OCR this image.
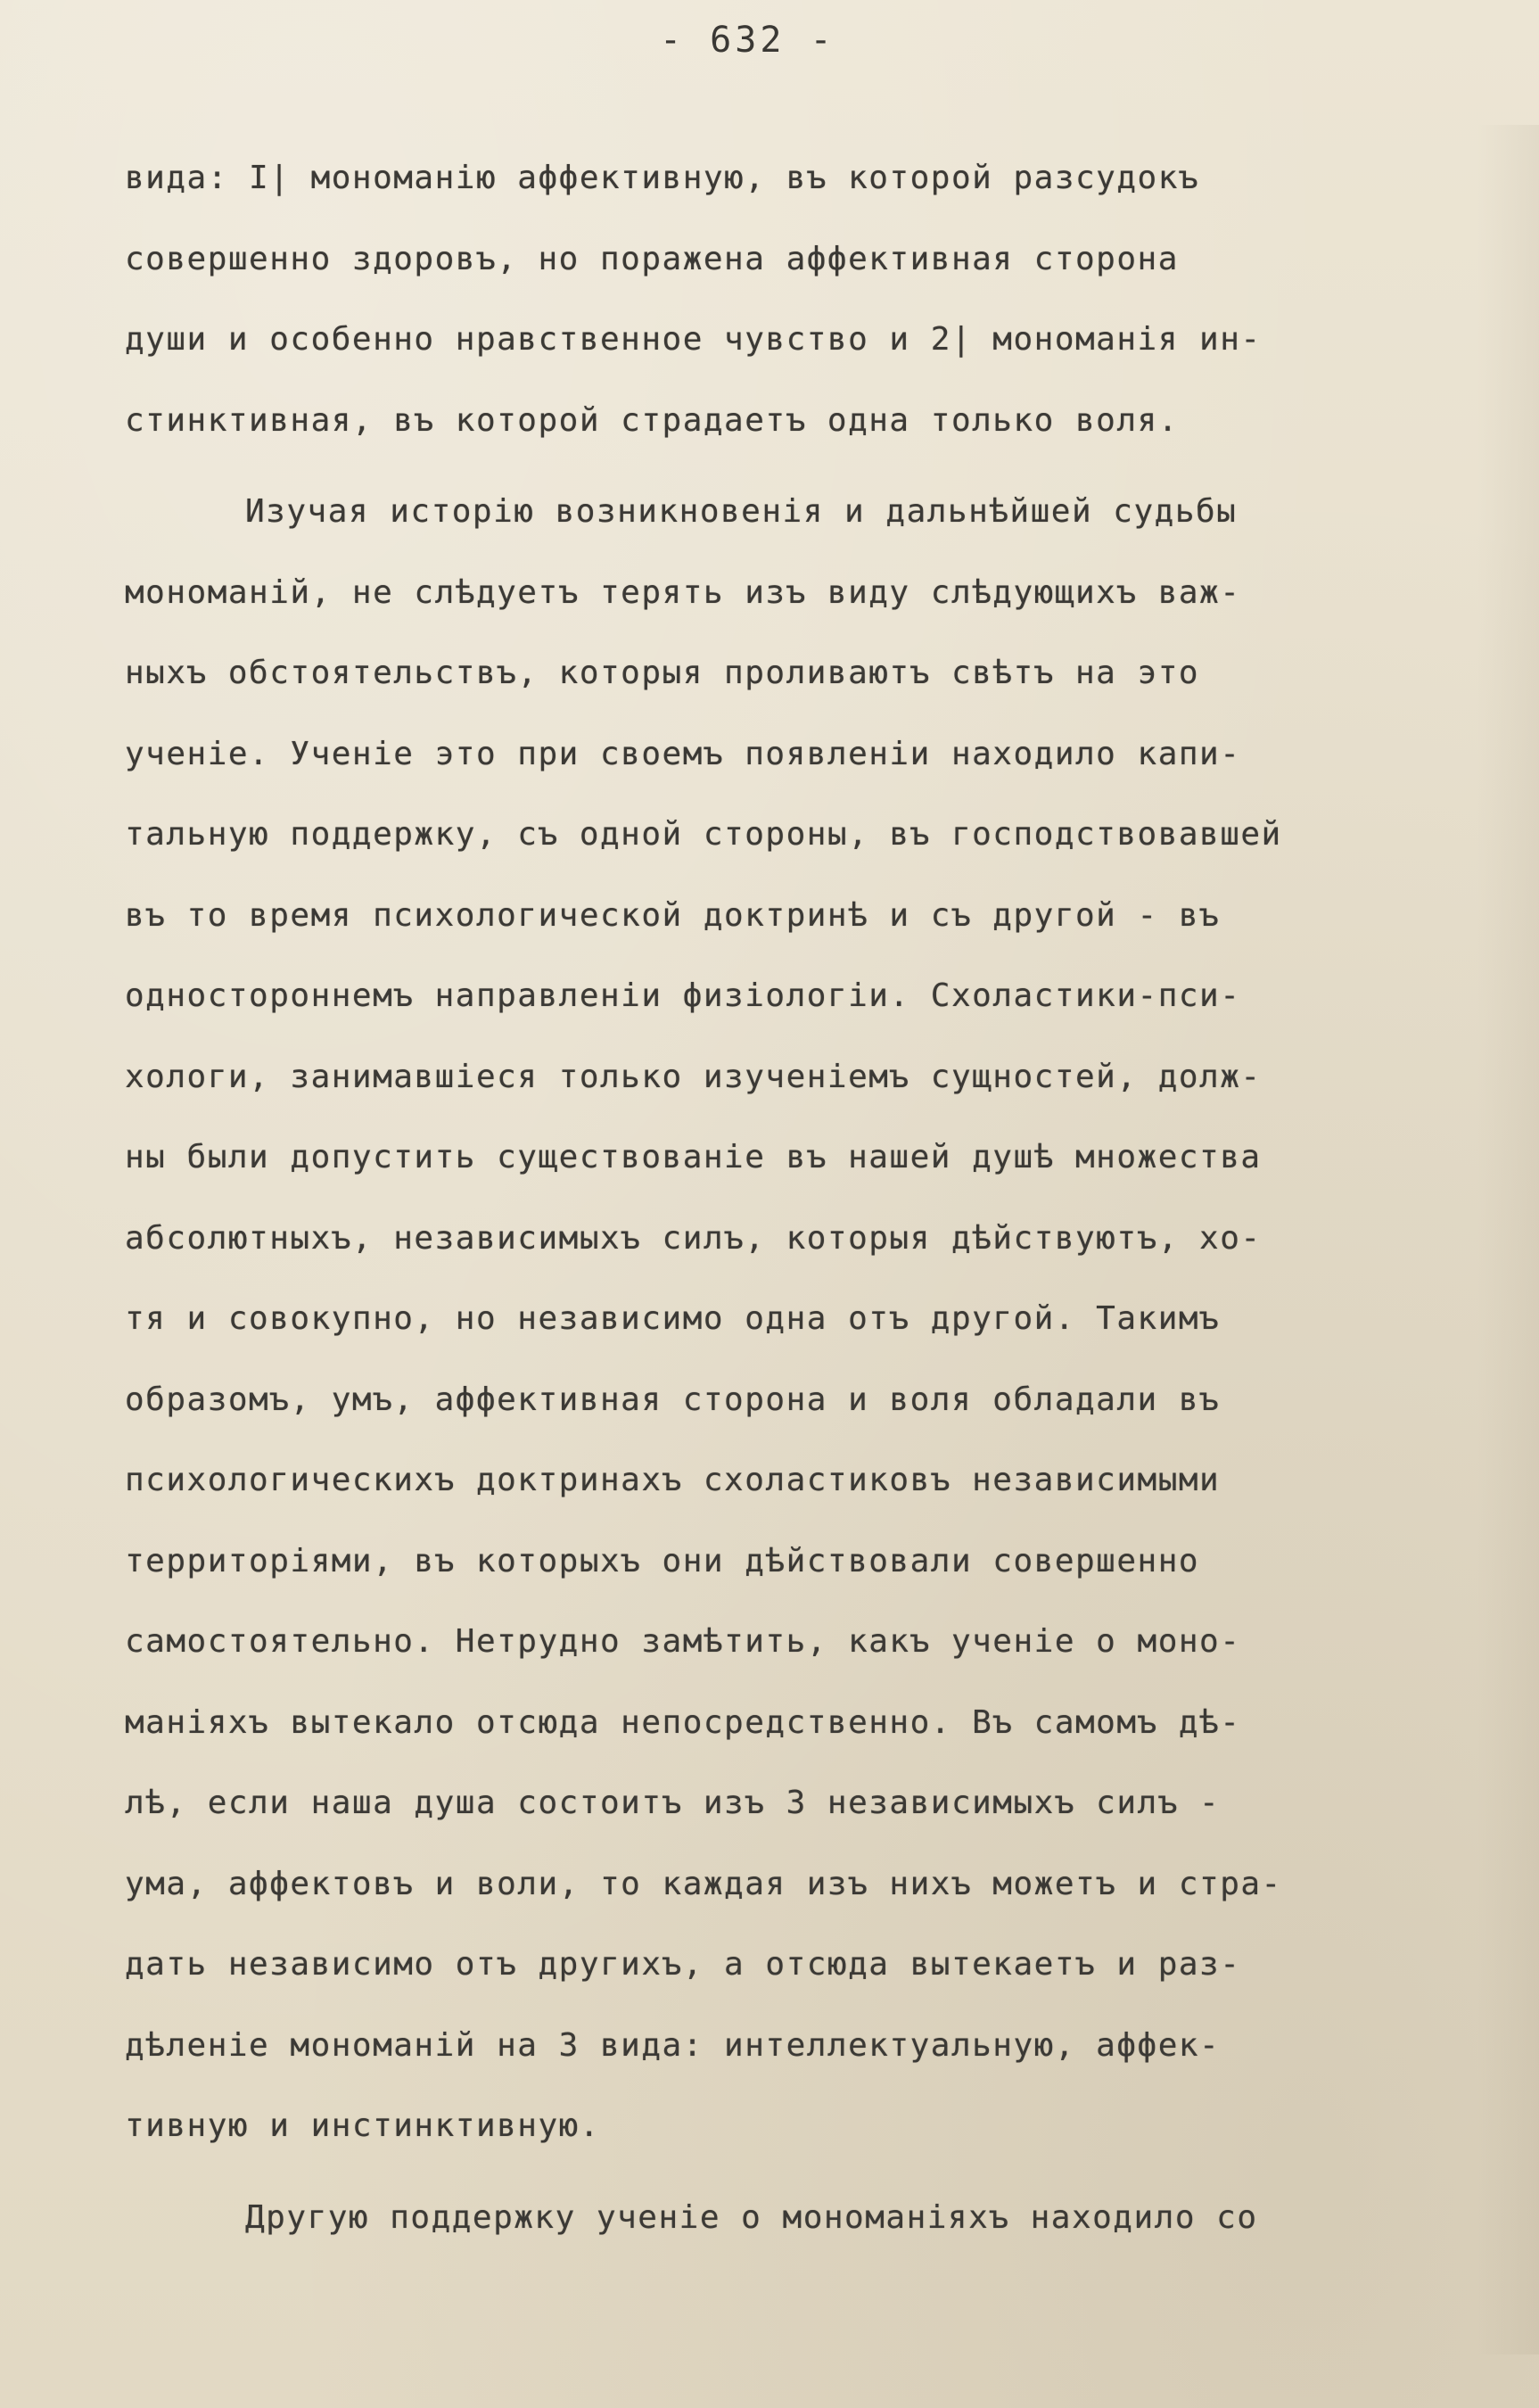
- 632 -
вида: I| мономанію аффективную, въ которой разсудокъ
совершенно здоровъ, но поражена аффективная сторона
души и особенно нравственное чувство и 2| мономанія ин-
стинктивная, въ которой страдаетъ одна только воля.
Изучая исторію возникновенія и дальнѣйшей судьбы
мономаній, не слѣдуетъ терять изъ виду слѣдующихъ важ-
ныхъ обстоятельствъ, которыя проливаютъ свѣтъ на это
ученіе. Ученіе это при своемъ появленіи находило капи-
тальную поддержку, съ одной стороны, въ господствовавшей
въ то время психологической доктринѣ и съ другой - въ
одностороннемъ направленіи физіологіи. Схоластики-пси-
хологи, занимавшіеся только изученіемъ сущностей, долж-
ны были допустить существованіе въ нашей душѣ множества
абсолютныхъ, независимыхъ силъ, которыя дѣйствуютъ, хо-
тя и совокупно, но независимо одна отъ другой. Такимъ
образомъ, умъ, аффективная сторона и воля обладали въ
психологическихъ доктринахъ схоластиковъ независимыми
территоріями, въ которыхъ они дѣйствовали совершенно
самостоятельно. Нетрудно замѣтить, какъ ученіе о моно-
маніяхъ вытекало отсюда непосредственно. Въ самомъ дѣ-
лѣ, если наша душа состоитъ изъ 3 независимыхъ силъ -
ума, аффектовъ и воли, то каждая изъ нихъ можетъ и стра-
дать независимо отъ другихъ, а отсюда вытекаетъ и раз-
дѣленіе мономаній на 3 вида: интеллектуальную, аффек-
тивную и инстинктивную.
Другую поддержку ученіе о мономаніяхъ находило со
